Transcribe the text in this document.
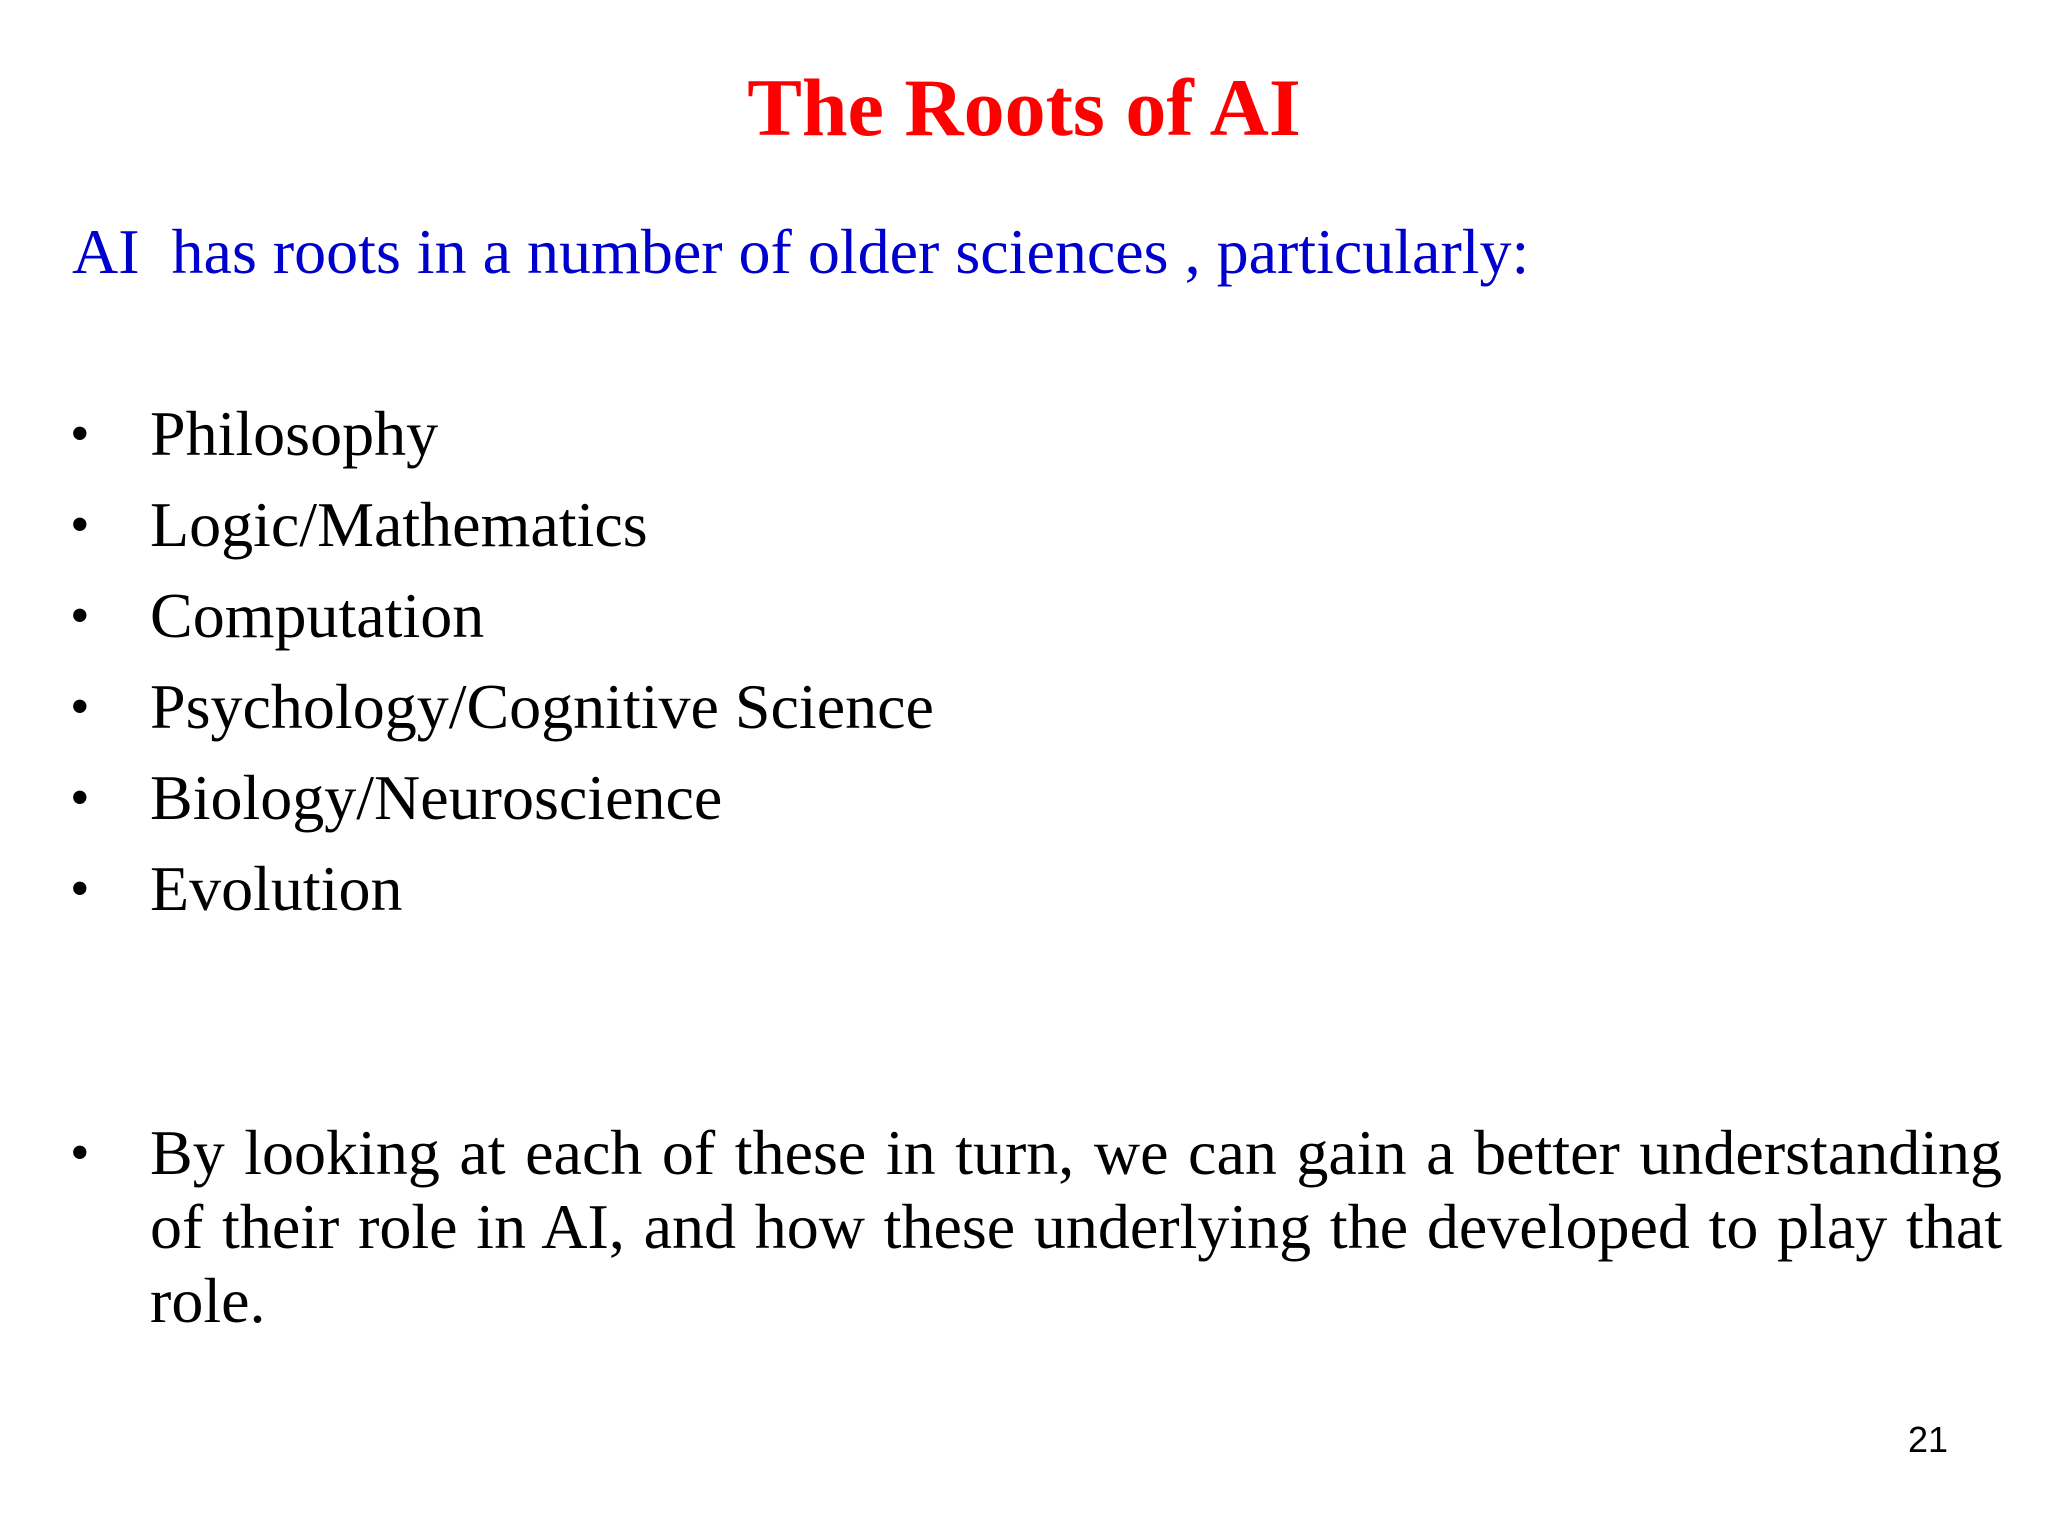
The Roots of AI
AI  has roots in a number of older sciences , particularly:
• Philosophy
• Logic/Mathematics
• Computation
• Psychology/Cognitive Science
• Biology/Neuroscience
• Evolution
• By looking at each of these in turn, we can gain a better understanding of their role in AI, and how these underlying the developed to play that role.
21
